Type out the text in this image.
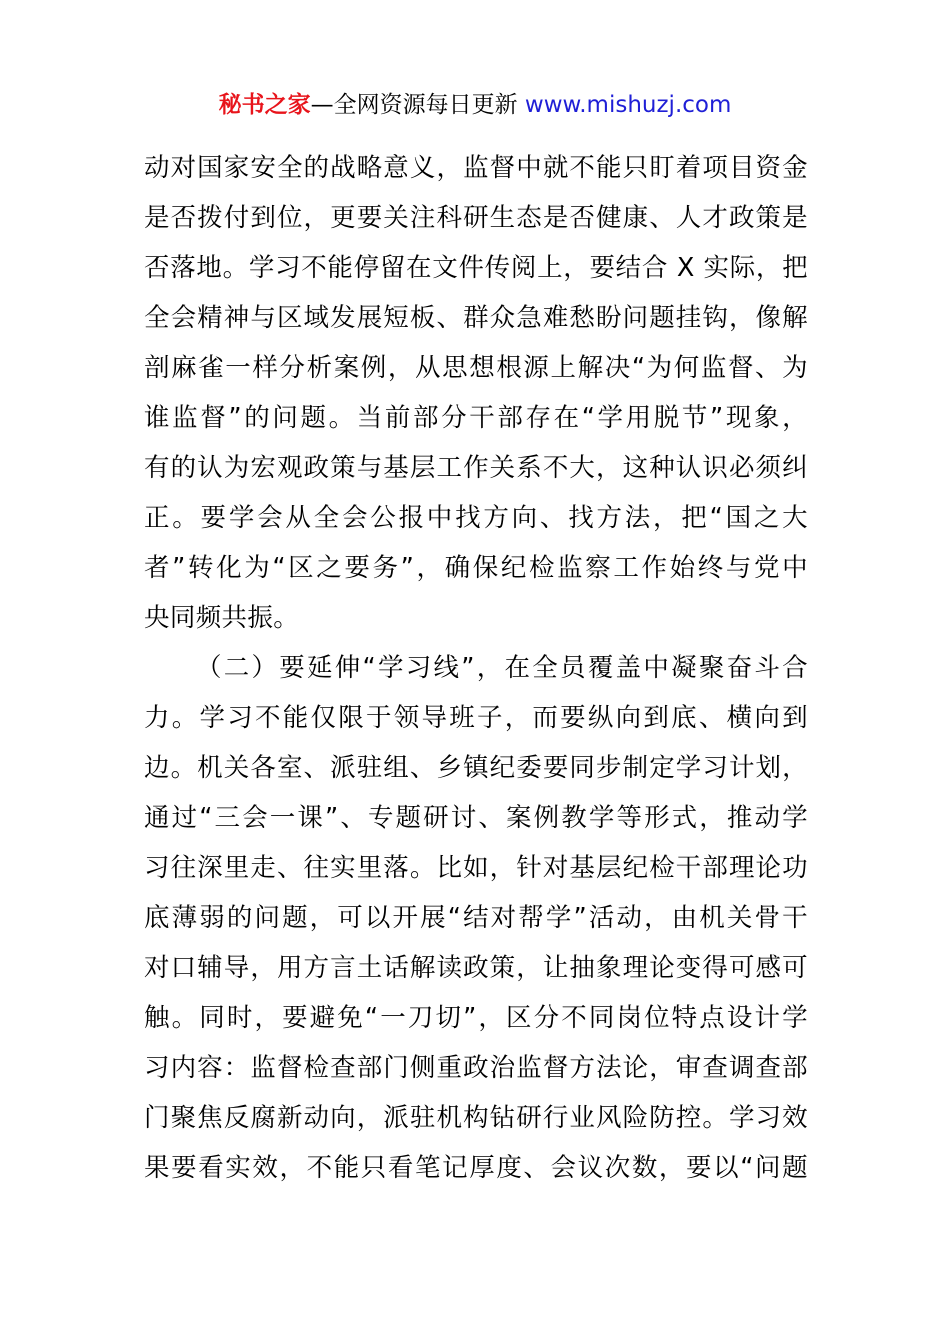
秘书之家—全网资源每日更新 www.mishuzj.com
动对国家安全的战略意义，监督中就不能只盯着项目资金
是否拨付到位，更要关注科研生态是否健康、人才政策是
否落地。学习不能停留在文件传阅上，要结合 X 实际，把
全会精神与区域发展短板、群众急难愁盼问题挂钩，像解
剖麻雀一样分析案例，从思想根源上解决“为何监督、为
谁监督”的问题。当前部分干部存在“学用脱节”现象，
有的认为宏观政策与基层工作关系不大，这种认识必须纠
正。要学会从全会公报中找方向、找方法，把“国之大
者”转化为“区之要务”，确保纪检监察工作始终与党中
央同频共振。
（二）要延伸“学习线”，在全员覆盖中凝聚奋斗合
力。学习不能仅限于领导班子，而要纵向到底、横向到
边。机关各室、派驻组、乡镇纪委要同步制定学习计划，
通过“三会一课”、专题研讨、案例教学等形式，推动学
习往深里走、往实里落。比如，针对基层纪检干部理论功
底薄弱的问题，可以开展“结对帮学”活动，由机关骨干
对口辅导，用方言土话解读政策，让抽象理论变得可感可
触。同时，要避免“一刀切”，区分不同岗位特点设计学
习内容：监督检查部门侧重政治监督方法论，审查调查部
门聚焦反腐新动向，派驻机构钻研行业风险防控。学习效
果要看实效，不能只看笔记厚度、会议次数，要以“问题
